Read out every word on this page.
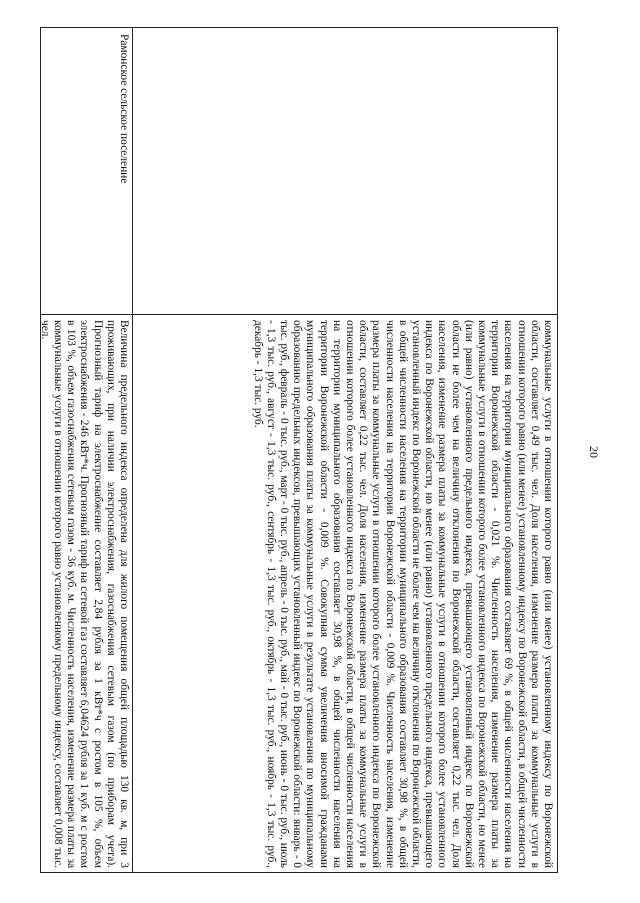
20
коммунальные услуги в отношении которого равно (или менее) установленному индексу по Воронежской области, составляет 0,49 тыс. чел. Доля населения, изменение размера платы за коммунальные услуги в отношении которого равно (или менее) установленному индексу по Воронежской области, в общей численности населения на территории муниципального образования составляет 69 %, в общей численности населения на территории Воронежской области - 0,021 %. Численность населения, изменение размера платы за коммунальные услуги в отношении которого более установленного индекса по Воронежской области, но менее (или равно) установленного предельного индекса, превышающего установленный индекс по Воронежской области не более чем на величину отклонения по Воронежской области, составляет 0,22 тыс. чел. Доля населения, изменение размера платы за коммунальные услуги в отношении которого более установленного индекса по Воронежской области, но менее (или равно) установленного предельного индекса, превышающего установленный индекс по Воронежской области не более чем на величину отклонения по Воронежской области, в общей численности населения на территории муниципального образования составляет 30,98 %, в общей численности населения на территории Воронежской области - 0,009 %. Численность населения, изменение размера платы за коммунальные услуги в отношении которого более установленного индекса по Воронежской области, составляет 0,22 тыс. чел. Доля населения, изменение размера платы за коммунальные услуги в отношении которого более установленного индекса по Воронежской области, в общей численности населения на территории муниципального образования составляет 30,98 %, в общей численности населения на территории Воронежской области - 0,009 %. Совокупная сумма увеличения вносимой гражданами муниципального образования платы за коммунальные услуги в результате установления по муниципальному образованию предельных индексов, превышающих установленный индекс по Воронежской области: январь - 0 тыс. руб., февраль - 0 тыс. руб., март - 0 тыс. руб., апрель - 0 тыс. руб., май - 0 тыс. руб., июнь - 0 тыс. руб., июль - 1,3 тыс. руб., август - 1,3 тыс. руб., сентябрь - 1,3 тыс. руб., октябрь - 1,3 тыс. руб., ноябрь - 1,3 тыс. руб., декабрь - 1,3 тыс. руб.
Рамонское сельское поселение
Величина предельного индекса определена для жилого помещения общей площадью 130 кв. м, при 3 проживающих, при наличии электроснабжения, газоснабжения сетевым газом (по приборам учета). Прогнозный тариф на электроснабжение составляет 2,84 рубля за 1 кВт*ч с ростом в 105 %, объем электроснабжения - 246 кВт*ч. Прогнозный тариф на сетевой газ составляет 6,04624 рубля за 1 куб. м с ростом в 103 %, объем газоснабжения сетевым газом - 36 куб. м. Численность населения, изменение размера платы за коммунальные услуги в отношении которого равно установленному предельному индексу, составляет 0,008 тыс. чел.
